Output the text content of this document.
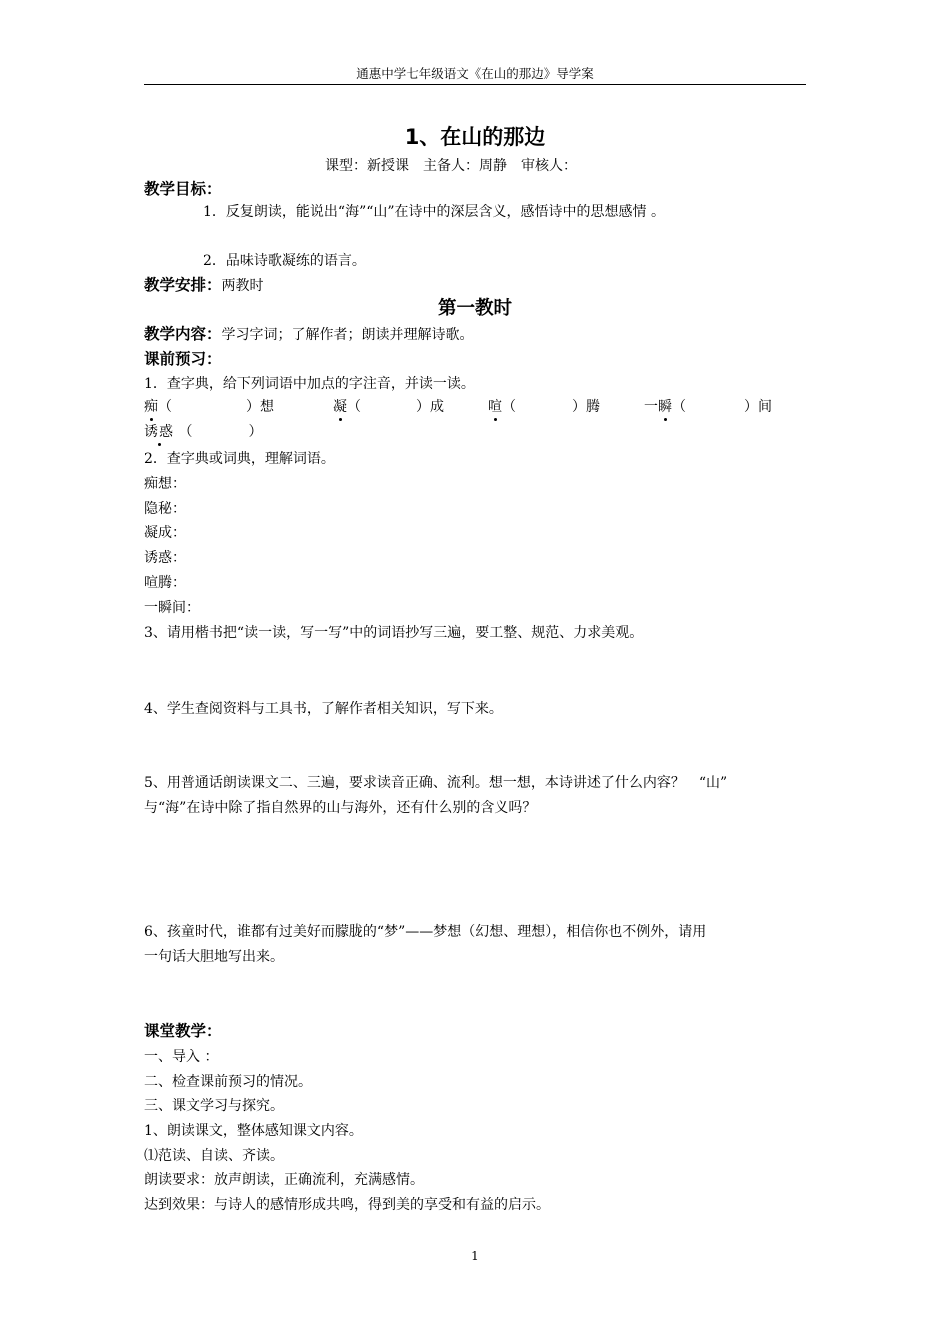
通惠中学七年级语文《在山的那边》导学案
1、在山的那边
课型：新授课　主备人：周静　审核人：
教学目标：
1．反复朗读，能说出“海”“山”在诗中的深层含义，感悟诗中的思想感情 。
2．品味诗歌凝练的语言。
教学安排：两教时
第一教时
教学内容：学习字词；了解作者；朗读并理解诗歌。
课前预习：
1．查字典，给下列词语中加点的字注音，并读一读。
痴（	）想	凝（	）成	喧（	）腾	一瞬（	）间
诱惑 （　　　　）
2．查字典或词典，理解词语。
痴想：
隐秘：
凝成：
诱惑：
喧腾：
一瞬间：
3、请用楷书把“读一读，写一写”中的词语抄写三遍，要工整、规范、力求美观。
4、学生查阅资料与工具书，了解作者相关知识，写下来。
5、用普通话朗读课文二、三遍，要求读音正确、流利。想一想，本诗讲述了什么内容？　“山”
与“海”在诗中除了指自然界的山与海外，还有什么别的含义吗？
6、孩童时代，谁都有过美好而朦胧的“梦”——梦想（幻想、理想），相信你也不例外，请用
一句话大胆地写出来。
课堂教学：
一、导入 ：
二、检查课前预习的情况。
三、课文学习与探究。
1、朗读课文，整体感知课文内容。
⑴范读、自读、齐读。
朗读要求：放声朗读，正确流利，充满感情。
达到效果：与诗人的感情形成共鸣，得到美的享受和有益的启示。
1
